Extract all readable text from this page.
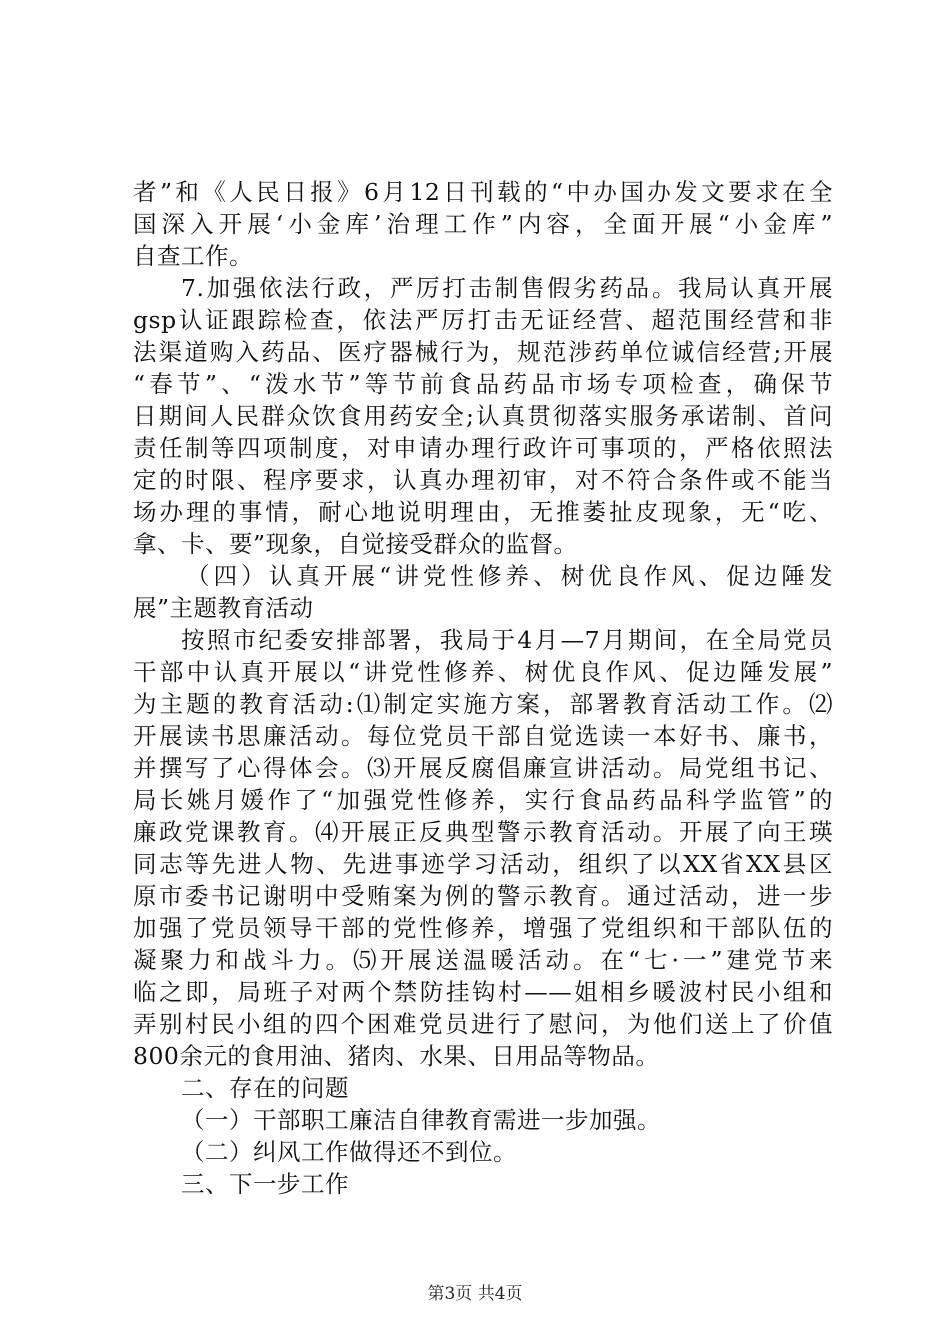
者”和《人民日报》6月12日刊载的“中办国办发文要求在全
国深入开展‘小金库’治理工作”内容，全面开展“小金库”
自查工作。
7.加强依法行政，严厉打击制售假劣药品。我局认真开展
gsp认证跟踪检查，依法严厉打击无证经营、超范围经营和非
法渠道购入药品、医疗器械行为，规范涉药单位诚信经营;开展
“春节”、“泼水节”等节前食品药品市场专项检查，确保节
日期间人民群众饮食用药安全;认真贯彻落实服务承诺制、首问
责任制等四项制度，对申请办理行政许可事项的，严格依照法
定的时限、程序要求，认真办理初审，对不符合条件或不能当
场办理的事情，耐心地说明理由，无推萎扯皮现象，无“吃、
拿、卡、要”现象，自觉接受群众的监督。
（四）认真开展“讲党性修养、树优良作风、促边陲发
展”主题教育活动
按照市纪委安排部署，我局于4月—7月期间，在全局党员
干部中认真开展以“讲党性修养、树优良作风、促边陲发展”
为主题的教育活动:⑴制定实施方案，部署教育活动工作。⑵
开展读书思廉活动。每位党员干部自觉选读一本好书、廉书，
并撰写了心得体会。⑶开展反腐倡廉宣讲活动。局党组书记、
局长姚月媛作了“加强党性修养，实行食品药品科学监管”的
廉政党课教育。⑷开展正反典型警示教育活动。开展了向王瑛
同志等先进人物、先进事迹学习活动，组织了以XX省XX县区
原市委书记谢明中受贿案为例的警示教育。通过活动，进一步
加强了党员领导干部的党性修养，增强了党组织和干部队伍的
凝聚力和战斗力。⑸开展送温暖活动。在“七·一”建党节来
临之即，局班子对两个禁防挂钩村——姐相乡暖波村民小组和
弄别村民小组的四个困难党员进行了慰问，为他们送上了价值
800余元的食用油、猪肉、水果、日用品等物品。
二、存在的问题
（一）干部职工廉洁自律教育需进一步加强。
（二）纠风工作做得还不到位。
三、下一步工作
第3页 共4页
